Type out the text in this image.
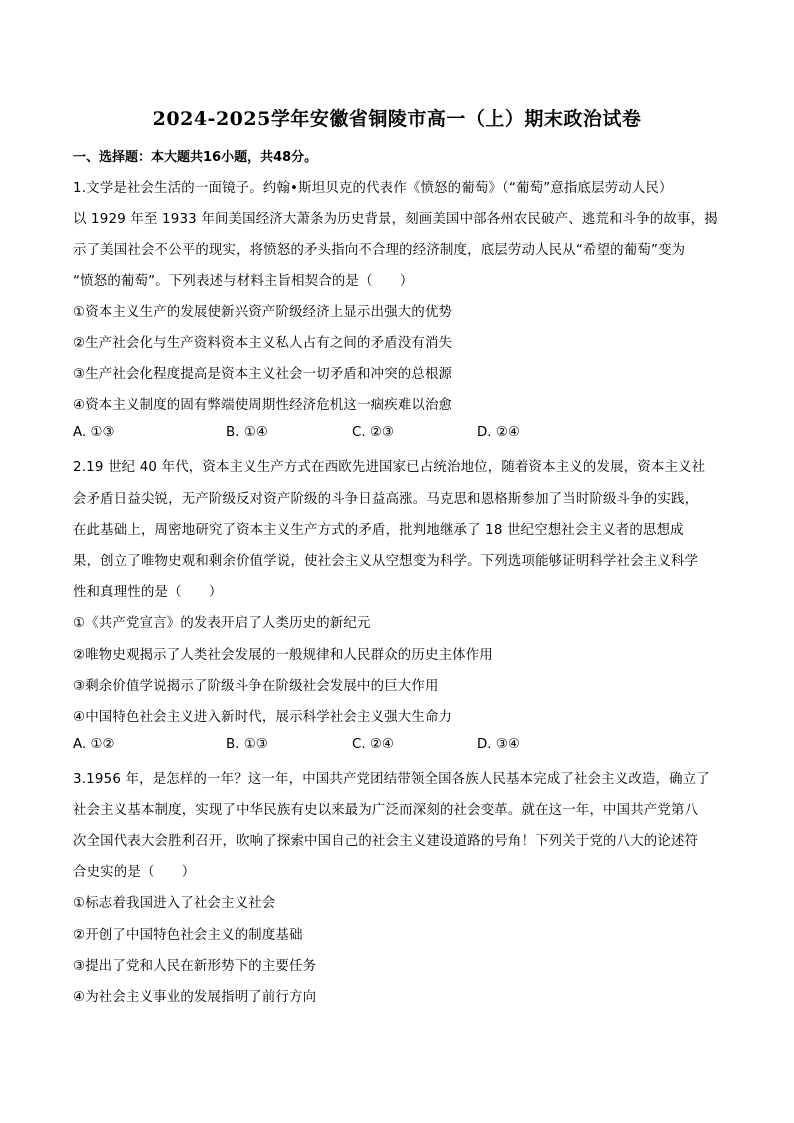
2024-2025学年安徽省铜陵市高一（上）期末政治试卷
一、选择题：本大题共16小题，共48分。
1.文学是社会生活的一面镜子。约翰•斯坦贝克的代表作《愤怒的葡萄》（“葡萄”意指底层劳动人民）
以 1929 年至 1933 年间美国经济大萧条为历史背景，刻画美国中部各州农民破产、逃荒和斗争的故事，揭
示了美国社会不公平的现实，将愤怒的矛头指向不合理的经济制度，底层劳动人民从“希望的葡萄”变为
“愤怒的葡萄”。下列表述与材料主旨相契合的是（　　）
①资本主义生产的发展使新兴资产阶级经济上显示出强大的优势
②生产社会化与生产资料资本主义私人占有之间的矛盾没有消失
③生产社会化程度提高是资本主义社会一切矛盾和冲突的总根源
④资本主义制度的固有弊端使周期性经济危机这一痼疾难以治愈
A. ①③	B. ①④	C. ②③	D. ②④
2.19 世纪 40 年代，资本主义生产方式在西欧先进国家已占统治地位，随着资本主义的发展，资本主义社
会矛盾日益尖锐，无产阶级反对资产阶级的斗争日益高涨。马克思和恩格斯参加了当时阶级斗争的实践，
在此基础上，周密地研究了资本主义生产方式的矛盾，批判地继承了 18 世纪空想社会主义者的思想成
果，创立了唯物史观和剩余价值学说，使社会主义从空想变为科学。下列选项能够证明科学社会主义科学
性和真理性的是（　　）
①《共产党宣言》的发表开启了人类历史的新纪元
②唯物史观揭示了人类社会发展的一般规律和人民群众的历史主体作用
③剩余价值学说揭示了阶级斗争在阶级社会发展中的巨大作用
④中国特色社会主义进入新时代，展示科学社会主义强大生命力
A. ①②	B. ①③	C. ②④	D. ③④
3.1956 年，是怎样的一年？这一年，中国共产党团结带领全国各族人民基本完成了社会主义改造，确立了
社会主义基本制度，实现了中华民族有史以来最为广泛而深刻的社会变革。就在这一年，中国共产党第八
次全国代表大会胜利召开，吹响了探索中国自己的社会主义建设道路的号角！下列关于党的八大的论述符
合史实的是（　　）
①标志着我国进入了社会主义社会
②开创了中国特色社会主义的制度基础
③提出了党和人民在新形势下的主要任务
④为社会主义事业的发展指明了前行方向
